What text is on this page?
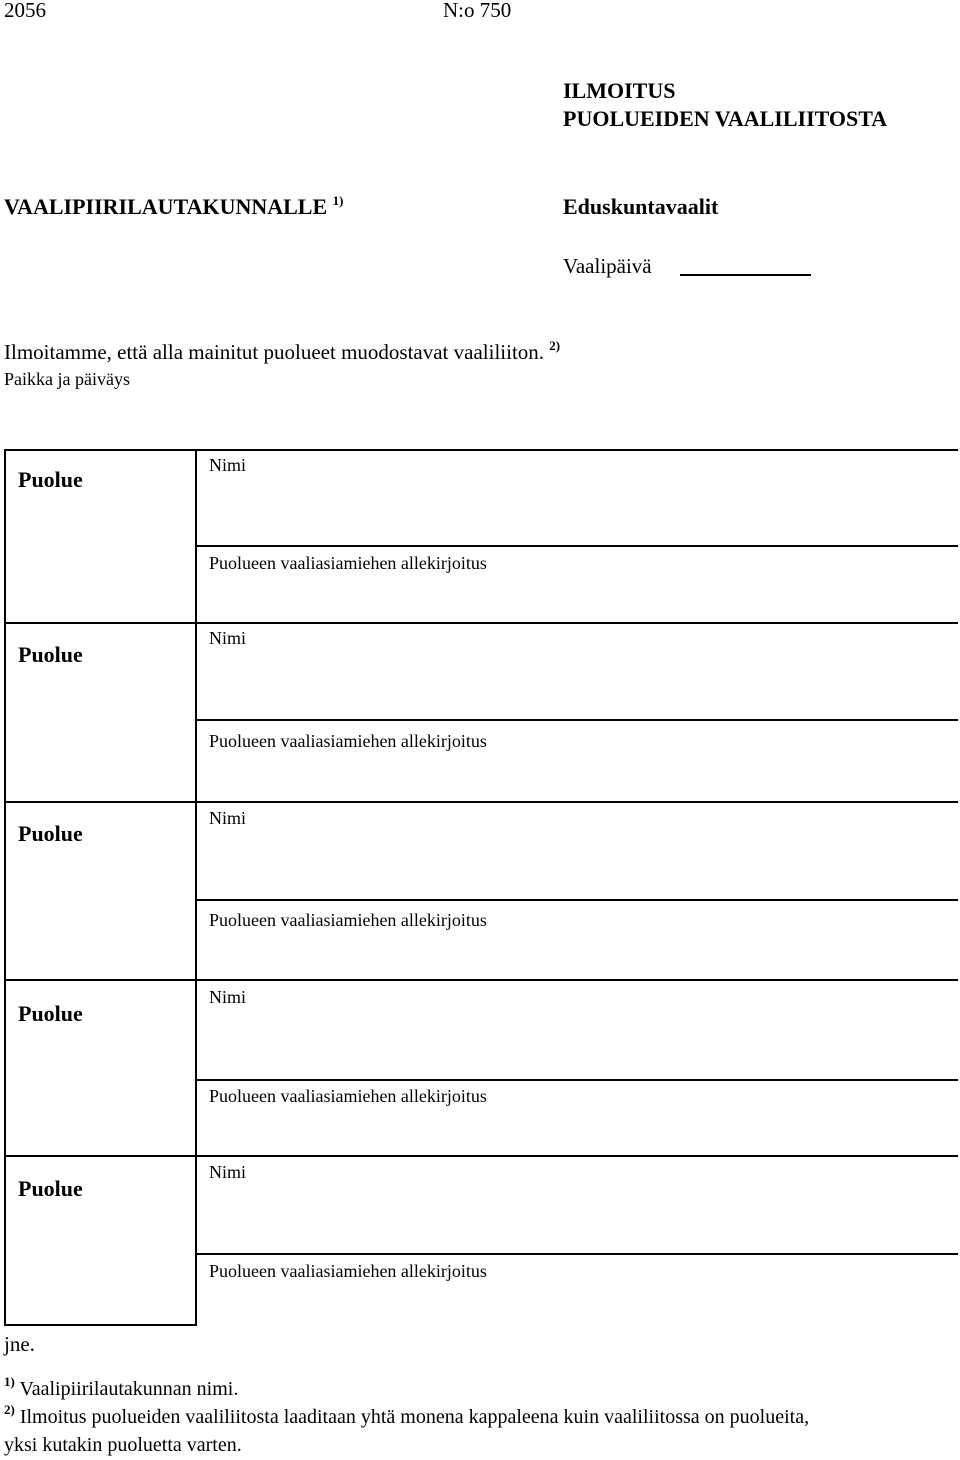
2056	N:o 750
ILMOITUS
PUOLUEIDEN VAALILIITOSTA
VAALIPIIRILAUTAKUNNALLE $^{1)}$	Eduskuntavaalit
Vaalipäivä
Ilmoitamme, että alla mainitut puolueet muodostavat vaaliliiton. $^{2)}$
Paikka ja päiväys
Puolue
Nimi
Puolueen vaaliasiamiehen allekirjoitus
Puolue
Nimi
Puolueen vaaliasiamiehen allekirjoitus
Puolue
Nimi
Puolueen vaaliasiamiehen allekirjoitus
Puolue
Nimi
Puolueen vaaliasiamiehen allekirjoitus
Puolue
Nimi
Puolueen vaaliasiamiehen allekirjoitus
jne.
$^{1)}$ Vaalipiirilautakunnan nimi.
$^{2)}$ Ilmoitus puolueiden vaaliliitosta laaditaan yhtä monena kappaleena kuin vaaliliitossa on puolueita,
yksi kutakin puoluetta varten.
